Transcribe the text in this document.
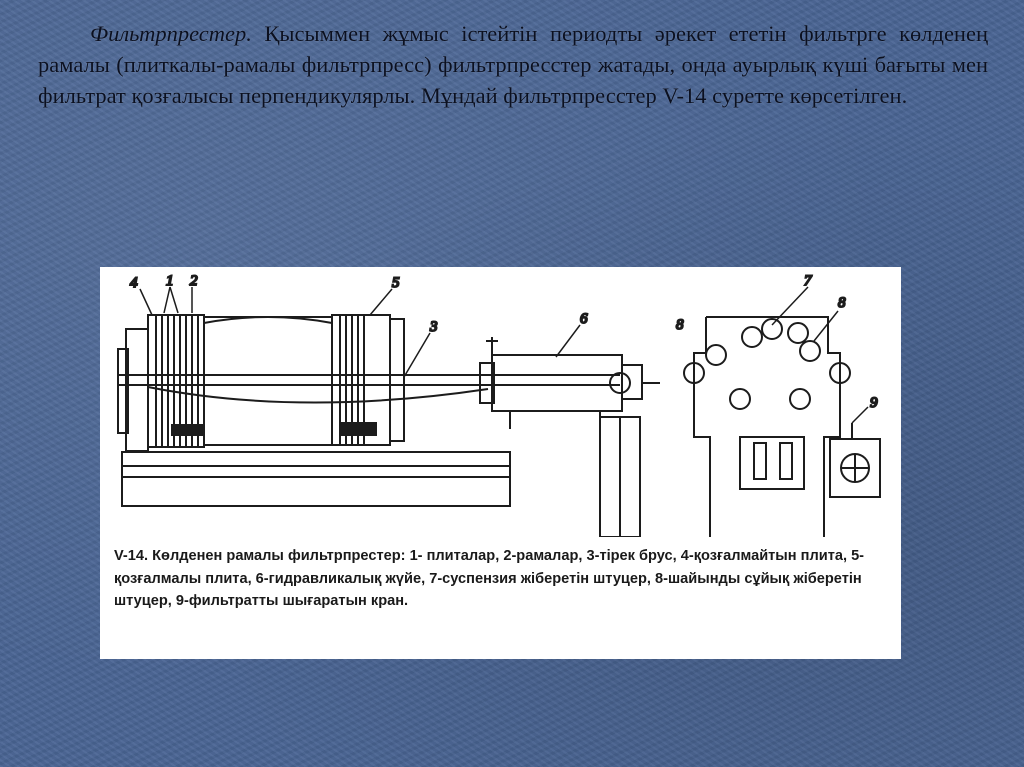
Фильтрпрестер. Қысыммен жұмыс істейтін периодты әрекет ететін фильтрге көлденең рамалы (плиткалы-рамалы фильтрпресс) фильтрпресстер жатады, онда ауырлық күші бағыты мен фильтрат қозғалысы перпендикулярлы. Мұндай фильтрпресстер V-14 суретте көрсетілген.
4 1 2	5
3	6
7
8
8
9
V-14. Көлденен рамалы фильтрпрестер: 1- плиталар, 2-рамалар, 3-тірек брус, 4-қозғалмайтын плита, 5-қозғалмалы плита, 6-гидравликалық жүйе, 7-суспензия жіберетін штуцер, 8-шайынды сұйық жіберетін штуцер, 9-фильтратты шығаратын кран.
